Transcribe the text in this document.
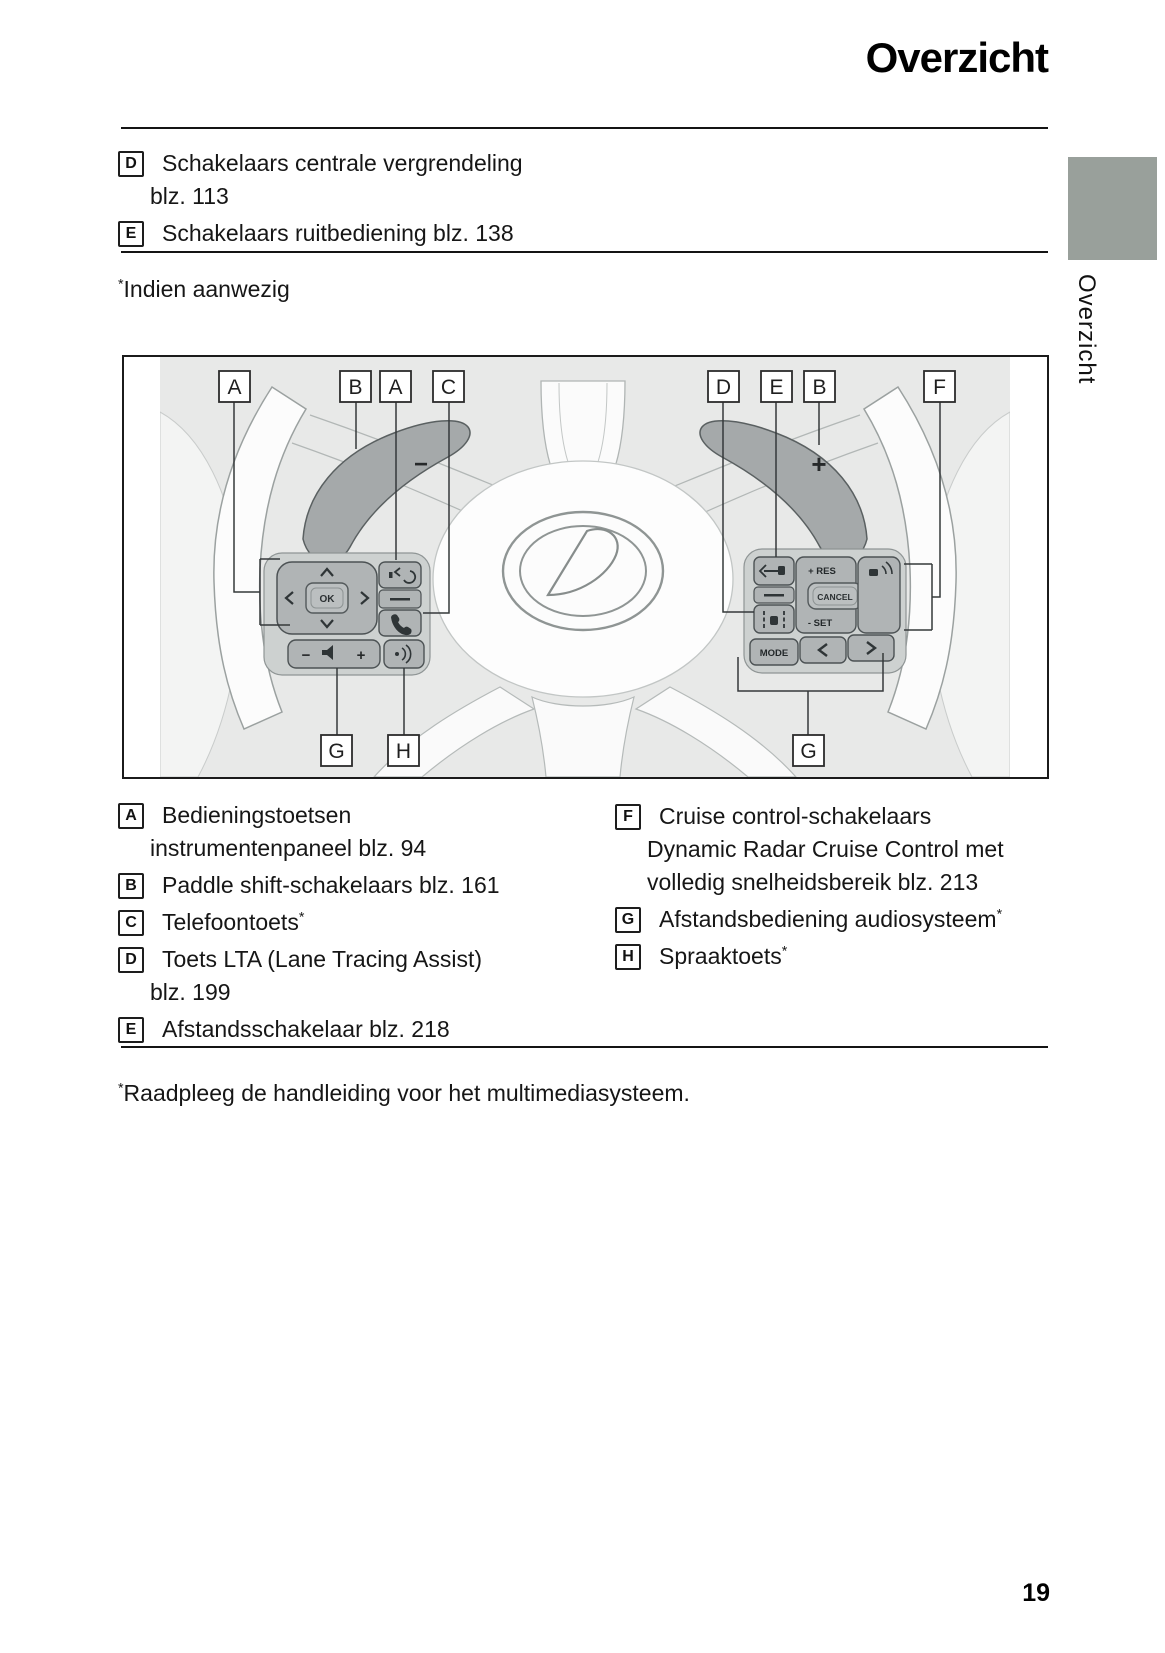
Overzicht
D	Schakelaars centrale vergrendeling
blz. 113
E	Schakelaars ruitbediening blz. 138
Overzicht
*Indien aanwezig
−	+
OK
−	+
+ RES
CANCEL
- SET
MODE
A	B A C	D E B	F
G H	G
A	Bedieningstoetsen
instrumentenpaneel blz. 94
B	Paddle shift-schakelaars blz. 161
C	Telefoontoets*
D	Toets LTA (Lane Tracing Assist)
blz. 199
E	Afstandsschakelaar blz. 218
F	Cruise control-schakelaars
Dynamic Radar Cruise Control met
volledig snelheidsbereik blz. 213
G Afstandsbediening audiosysteem*
H	Spraaktoets*
*Raadpleeg de handleiding voor het multimediasysteem.
19
